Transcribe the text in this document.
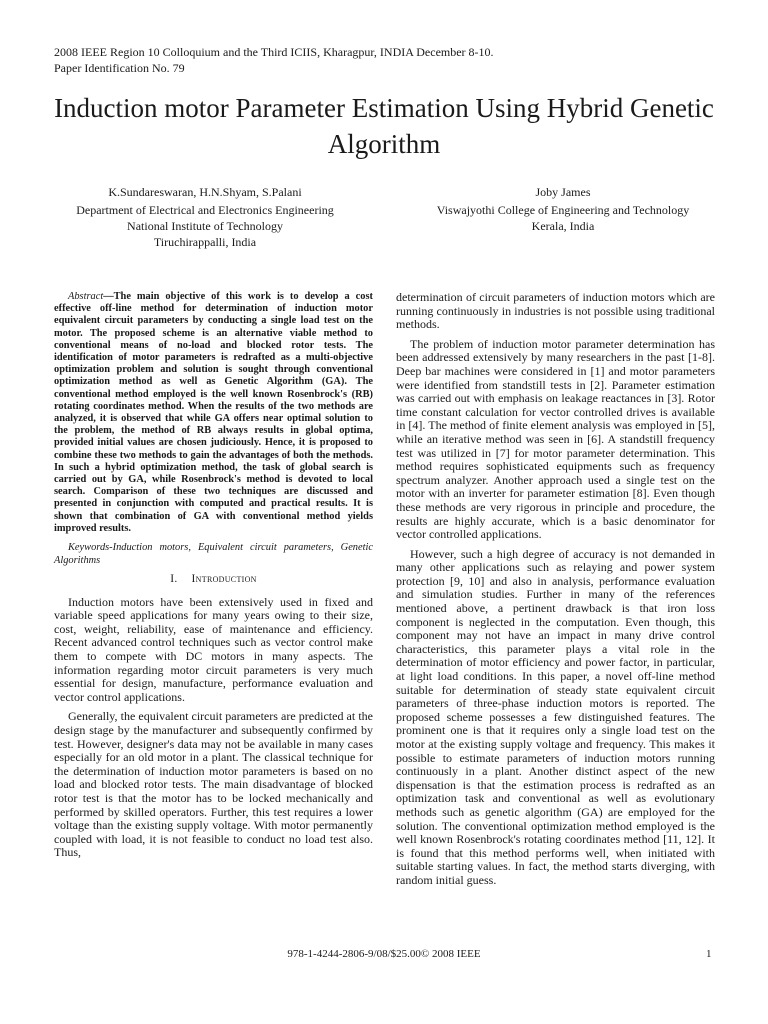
2008 IEEE Region 10 Colloquium and the Third ICIIS, Kharagpur, INDIA December 8-10.
Paper Identification No. 79
Induction motor Parameter Estimation Using Hybrid Genetic Algorithm
K.Sundareswaran, H.N.Shyam, S.Palani
Department of Electrical and Electronics Engineering
National Institute of Technology
Tiruchirappalli, India
Joby James
Viswajyothi College of Engineering and Technology
Kerala, India

Abstract—The main objective of this work is to develop a cost effective off-line method for determination of induction motor equivalent circuit parameters by conducting a single load test on the motor. The proposed scheme is an alternative viable method to conventional means of no-load and blocked rotor tests. The identification of motor parameters is redrafted as a multi-objective optimization problem and solution is sought through conventional optimization method as well as Genetic Algorithm (GA). The conventional method employed is the well known Rosenbrock's (RB) rotating coordinates method. When the results of the two methods are analyzed, it is observed that while GA offers near optimal solution to the problem, the method of RB always results in global optima, provided initial values are chosen judiciously. Hence, it is proposed to combine these two methods to gain the advantages of both the methods. In such a hybrid optimization method, the task of global search is carried out by GA, while Rosenbrock's method is devoted to local search. Comparison of these two techniques are discussed and presented in conjunction with computed and practical results. It is shown that combination of GA with conventional method yields improved results.

Keywords-Induction motors, Equivalent circuit parameters, Genetic Algorithms

I. Introduction

Induction motors have been extensively used in fixed and variable speed applications for many years owing to their size, cost, weight, reliability, ease of maintenance and efficiency. Recent advanced control techniques such as vector control make them to compete with DC motors in many aspects. The information regarding motor circuit parameters is very much essential for design, manufacture, performance evaluation and vector control applications.

Generally, the equivalent circuit parameters are predicted at the design stage by the manufacturer and subsequently confirmed by test. However, designer's data may not be available in many cases especially for an old motor in a plant. The classical technique for the determination of induction motor parameters is based on no load and blocked rotor tests. The main disadvantage of blocked rotor test is that the motor has to be locked mechanically and performed by skilled operators. Further, this test requires a lower voltage than the existing supply voltage. With motor permanently coupled with load, it is not feasible to conduct no load test also. Thus,

determination of circuit parameters of induction motors which are running continuously in industries is not possible using traditional methods.

The problem of induction motor parameter determination has been addressed extensively by many researchers in the past [1-8]. Deep bar machines were considered in [1] and motor parameters were identified from standstill tests in [2]. Parameter estimation was carried out with emphasis on leakage reactances in [3]. Rotor time constant calculation for vector controlled drives is available in [4]. The method of finite element analysis was employed in [5], while an iterative method was seen in [6]. A standstill frequency test was utilized in [7] for motor parameter determination. This method requires sophisticated equipments such as frequency spectrum analyzer. Another approach used a single test on the motor with an inverter for parameter estimation [8]. Even though these methods are very rigorous in principle and procedure, the results are highly accurate, which is a basic denominator for vector controlled applications.

However, such a high degree of accuracy is not demanded in many other applications such as relaying and power system protection [9, 10] and also in analysis, performance evaluation and simulation studies. Further in many of the references mentioned above, a pertinent drawback is that iron loss component is neglected in the computation. Even though, this component may not have an impact in many drive control characteristics, this parameter plays a vital role in the determination of motor efficiency and power factor, in particular, at light load conditions. In this paper, a novel off-line method suitable for determination of steady state equivalent circuit parameters of three-phase induction motors is reported. The proposed scheme possesses a few distinguished features. The prominent one is that it requires only a single load test on the motor at the existing supply voltage and frequency. This makes it possible to estimate parameters of induction motors running continuously in a plant. Another distinct aspect of the new dispensation is that the estimation process is redrafted as an optimization task and conventional as well as evolutionary methods such as genetic algorithm (GA) are employed for the solution. The conventional optimization method employed is the well known Rosenbrock's rotating coordinates method [11, 12]. It is found that this method performs well, when initiated with suitable starting values. In fact, the method starts diverging, with random initial guess.

978-1-4244-2806-9/08/$25.00© 2008 IEEE	1
